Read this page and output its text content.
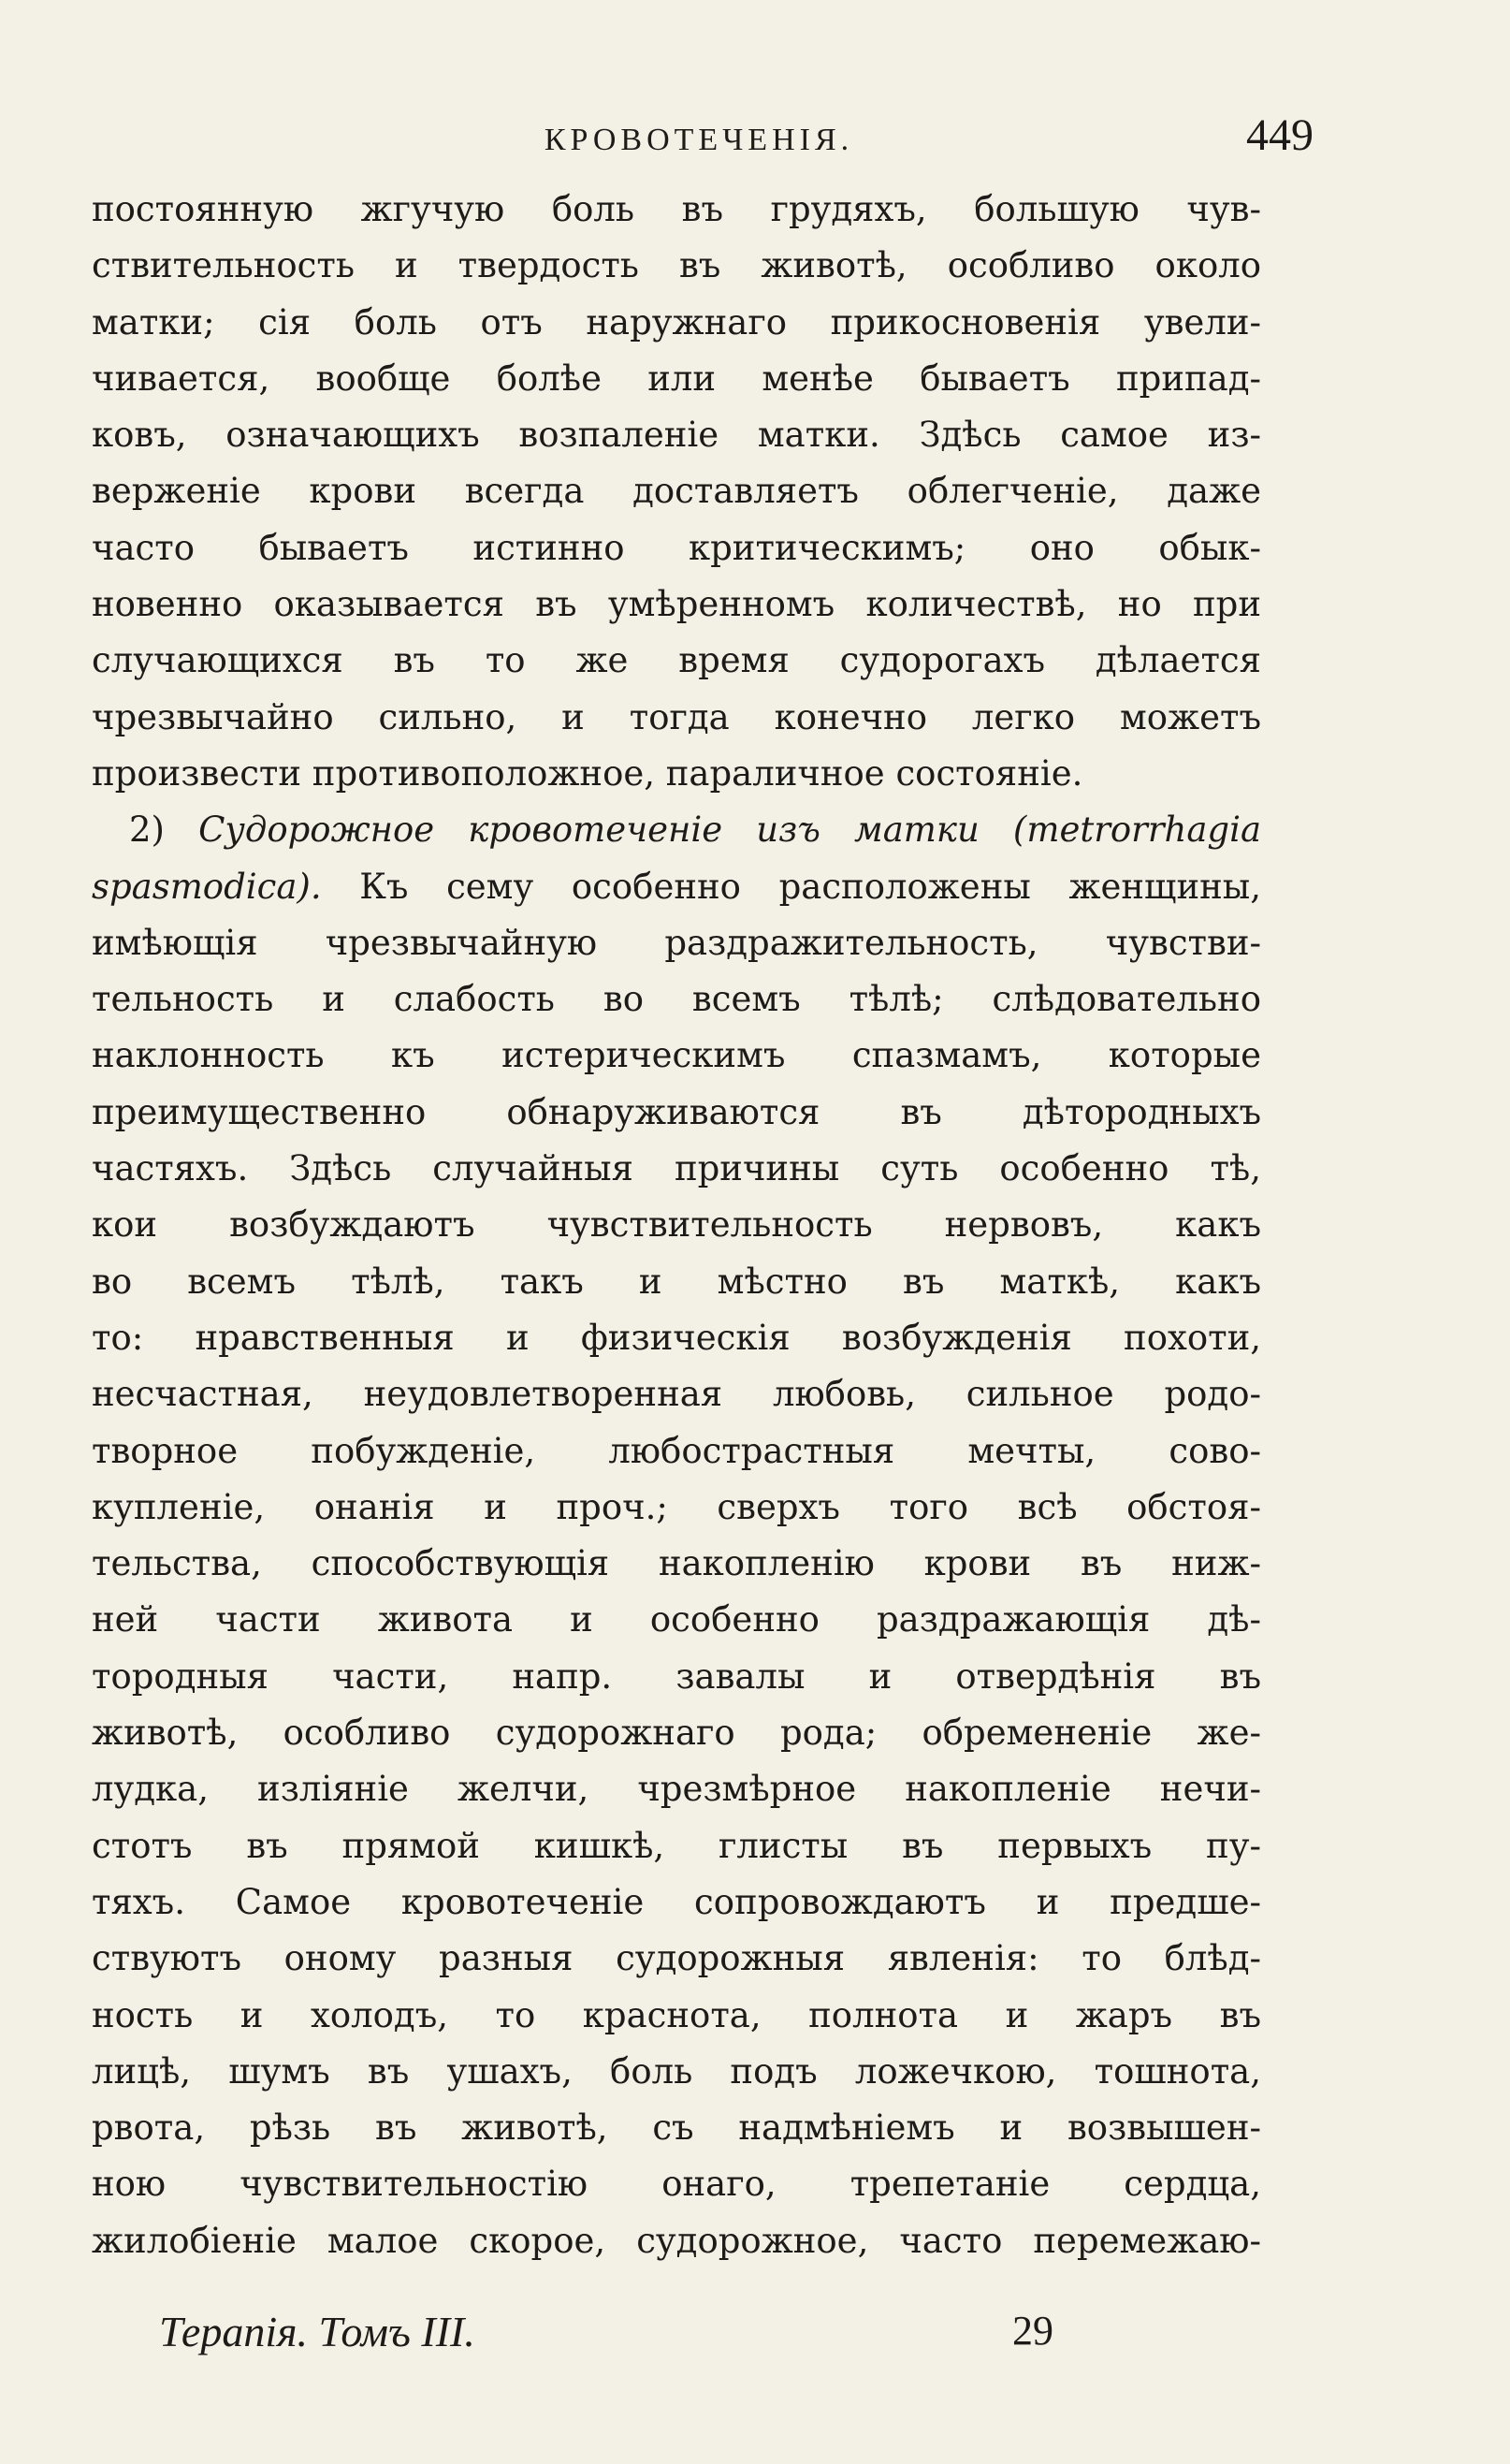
КРОВОТЕЧЕНІЯ.	449
постоянную жгучую боль въ грудяхъ, большую чув-
ствительность и твердость въ животѣ, особливо около
матки; сія боль отъ наружнаго прикосновенія увели-
чивается, вообще болѣе или менѣе бываетъ припад-
ковъ, означающихъ возпаленіе матки. Здѣсь самое из-
верженіе крови всегда доставляетъ облегченіе, даже
часто бываетъ истинно критическимъ; оно обык-
новенно оказывается въ умѣренномъ количествѣ, но при
случающихся въ то же время судорогахъ дѣлается
чрезвычайно сильно, и тогда конечно легко можетъ
произвести противоположное, параличное состояніе.
2) Судорожное кровотеченіе изъ матки (metrorrhagia
spasmodica). Къ сему особенно расположены женщины,
имѣющія чрезвычайную раздражительность, чувстви-
тельность и слабость во всемъ тѣлѣ; слѣдовательно
наклонность къ истерическимъ спазмамъ, которые
преимущественно обнаруживаются въ дѣтородныхъ
частяхъ. Здѣсь случайныя причины суть особенно тѣ,
кои возбуждаютъ чувствительность нервовъ, какъ
во всемъ тѣлѣ, такъ и мѣстно въ маткѣ, какъ
то: нравственныя и физическія возбужденія похоти,
несчастная, неудовлетворенная любовь, сильное родо-
творное побужденіе, любострастныя мечты, сово-
купленіе, онанія и проч.; сверхъ того всѣ обстоя-
тельства, способствующія накопленію крови въ ниж-
ней части живота и особенно раздражающія дѣ-
тородныя части, напр. завалы и отвердѣнія въ
животѣ, особливо судорожнаго рода; обремененіе же-
лудка, изліяніе желчи, чрезмѣрное накопленіе нечи-
стотъ въ прямой кишкѣ, глисты въ первыхъ пу-
тяхъ. Самое кровотеченіе сопровождаютъ и предше-
ствуютъ оному разныя судорожныя явленія: то блѣд-
ность и холодъ, то краснота, полнота и жаръ въ
лицѣ, шумъ въ ушахъ, боль подъ ложечкою, тошнота,
рвота, рѣзь въ животѣ, съ надмѣніемъ и возвышен-
ною чувствительностію онаго, трепетаніе сердца,
жилобіеніе малое скорое, судорожное, часто перемежаю-
Терапія. Томъ III.	29
